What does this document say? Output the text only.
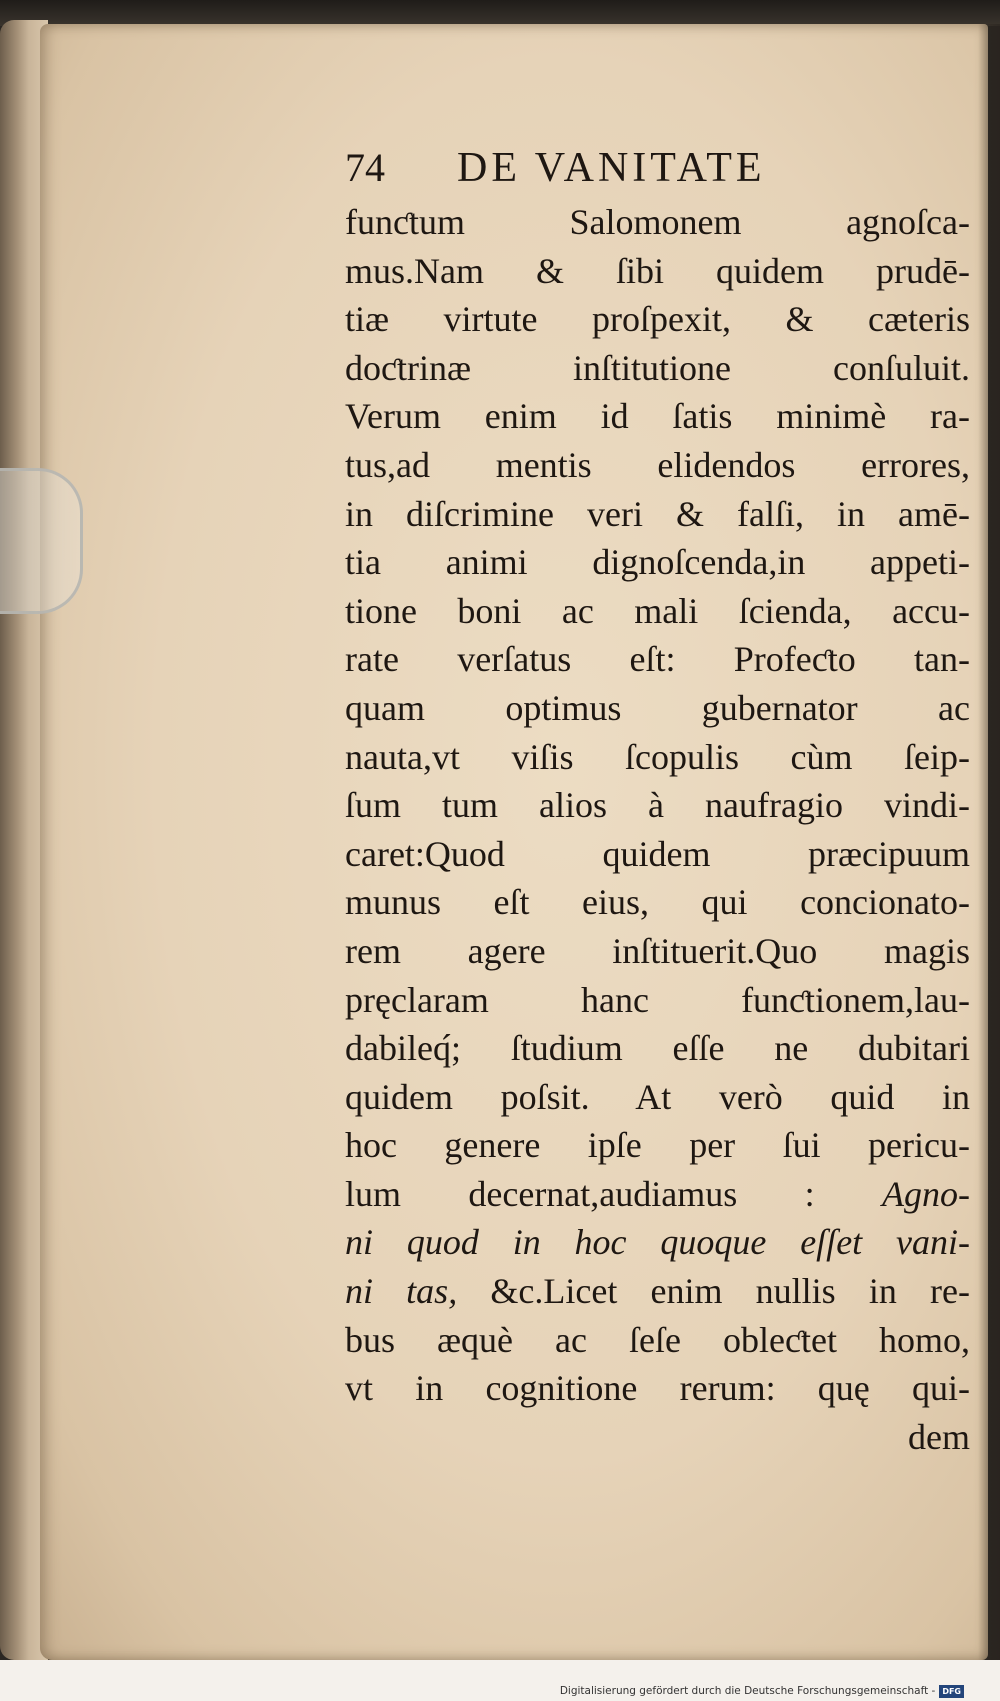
74	DE VANITATE
funƈtum Salomonem agnoſca-
mus.Nam & ſibi quidem prudē-
tiæ virtute proſpexit, & cæteris
doƈtrinæ inſtitutione conſuluit.
Verum enim id ſatis minimè ra-
tus,ad mentis elidendos errores,
in diſcrimine veri & falſi, in amē-
tia animi dignoſcenda,in appeti-
tione boni ac mali ſcienda, accu-
rate verſatus eſt: Profeƈto tan-
quam optimus gubernator ac
nauta,vt viſis ſcopulis cùm ſeip-
ſum tum alios à naufragio vindi-
caret:Quod quidem præcipuum
munus eſt eius, qui concionato-
rem agere inſtituerit.Quo magis
pręclaram hanc funƈtionem,lau-
dabileq́; ſtudium eſſe ne dubitari
quidem poſsit. At verò quid in
hoc genere ipſe per ſui pericu-
lum decernat,audiamus : Agno-
ni quod in hoc quoque eſſet vani-
ni tas, &c.Licet enim nullis in re-
bus æquè ac ſeſe obleƈtet homo,
vt in cognitione rerum: quę qui-
dem
Digitalisierung gefördert durch die Deutsche Forschungsgemeinschaft - DFG
